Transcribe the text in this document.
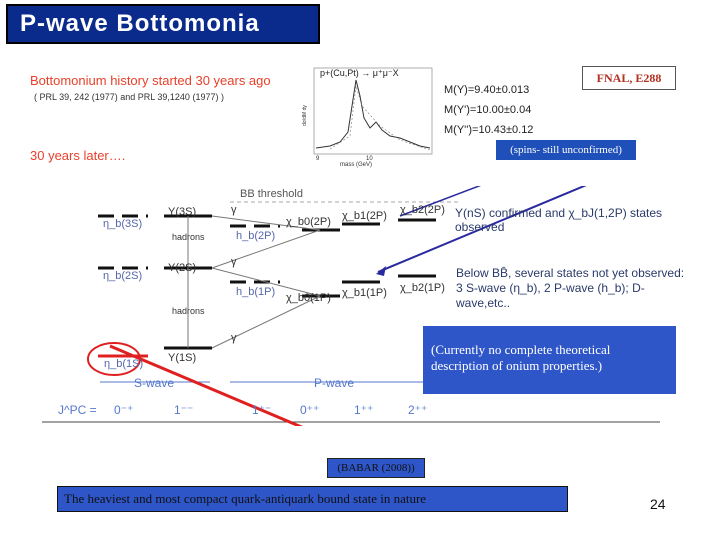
P-wave Bottomonia
Bottomonium history started 30 years ago
( PRL 39, 242 (1977) and PRL 39,1240 (1977) )
30 years later….
p+(Cu,Pt) → μ⁺μ⁻X
mass (GeV)
dσ/dM dy
9	10
M(Υ)=9.40±0.013
M(Υ')=10.00±0.04
M(Υ'')=10.43±0.12
FNAL, E288
(spins- still unconfirmed)
BB threshold
η_b(3S)
η_b(2S)
η_b(1S)
Υ(3S)
Υ(2S)
Υ(1S)
hadrons
hadrons
γ
γ
γ
h_b(2P)
h_b(1P)
χ_b0(2P) χ_b1(2P) χ_b2(2P)
χ_b0(1P) χ_b1(1P) χ_b2(1P)
Υ(nS) confirmed and χ_bJ(1,2P) states observed
Below BB̄, several states not yet observed: 3 S-wave (η_b), 2 P-wave (h_b); D-wave,etc..
(Currently no complete theoretical description of onium properties.)
S-wave	P-wave
J^PC = 0⁻⁺	1⁻⁻	1⁺⁻ 0⁺⁺	1⁺⁺	2⁺⁺
(BABAR (2008))
The heaviest and most compact quark-antiquark bound state in nature	24
